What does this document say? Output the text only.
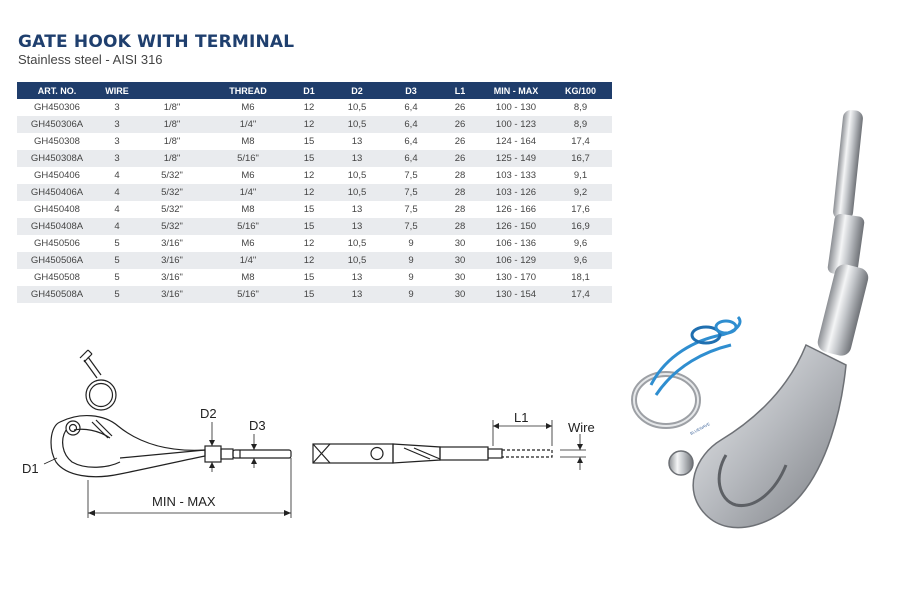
GATE HOOK WITH TERMINAL

Stainless steel - AISI 316

ART. NO.	WIRE		THREAD	D1	D2	D3	L1	MIN - MAX	KG/100
GH450306	3	1/8"	M6	12	10,5	6,4	26	100 - 130	8,9
GH450306A	3	1/8"	1/4"	12	10,5	6,4	26	100 - 123	8,9
GH450308	3	1/8"	M8	15	13	6,4	26	124 - 164	17,4
GH450308A	3	1/8"	5/16"	15	13	6,4	26	125 - 149	16,7
GH450406	4	5/32"	M6	12	10,5	7,5	28	103 - 133	9,1
GH450406A	4	5/32"	1/4"	12	10,5	7,5	28	103 - 126	9,2
GH450408	4	5/32"	M8	15	13	7,5	28	126 - 166	17,6
GH450408A	4	5/32"	5/16"	15	13	7,5	28	126 - 150	16,9
GH450506	5	3/16"	M6	12	10,5	9	30	106 - 136	9,6
GH450506A	5	3/16"	1/4"	12	10,5	9	30	106 - 129	9,6
GH450508	5	3/16"	M8	15	13	9	30	130 - 170	18,1
GH450508A	5	3/16"	5/16"	15	13	9	30	130 - 154	17,4
D1
D2
D3
MIN - MAX
L1
Wire	BLUEWAVE
